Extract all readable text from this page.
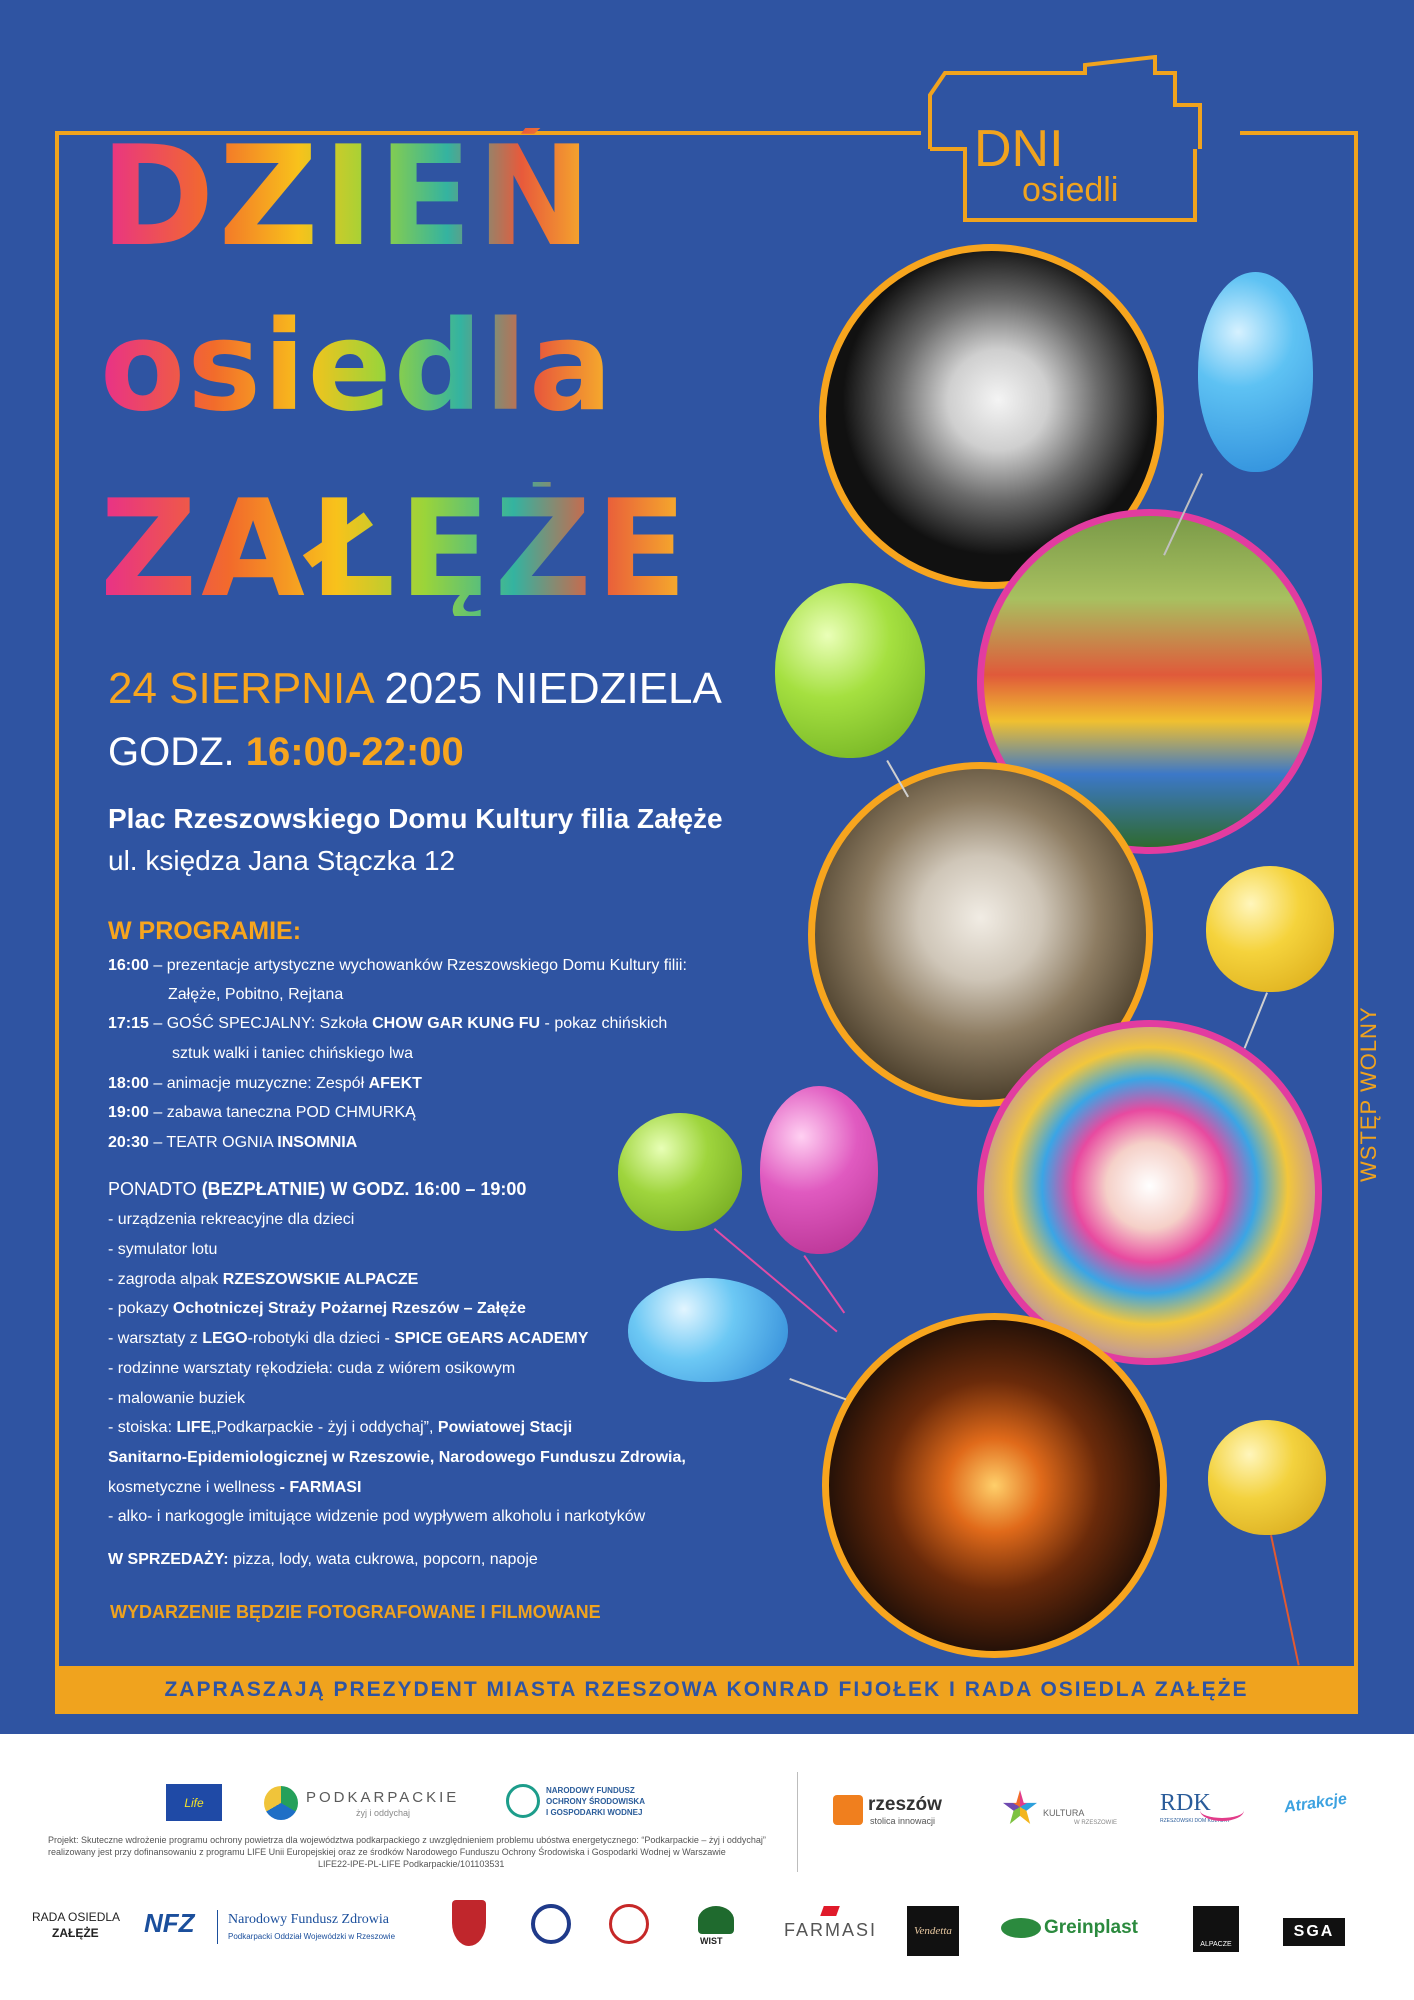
DNI
osiedli
DZIEŃ
osiedla
ZAŁĘŻE
24 SIERPNIA 2025 NIEDZIELA
GODZ. 16:00-22:00
Plac Rzeszowskiego Domu Kultury filia Załęże
ul. księdza Jana Stączka 12
W PROGRAMIE:
16:00 – prezentacje artystyczne wychowanków Rzeszowskiego Domu Kultury filii:
Załęże, Pobitno, Rejtana
17:15 – GOŚĆ SPECJALNY: Szkoła CHOW GAR KUNG FU - pokaz chińskich
sztuk walki i taniec chińskiego lwa
18:00 – animacje muzyczne: Zespół AFEKT
19:00 – zabawa taneczna POD CHMURKĄ
20:30 – TEATR OGNIA INSOMNIA
PONADTO (BEZPŁATNIE) W GODZ. 16:00 – 19:00
- urządzenia rekreacyjne dla dzieci
- symulator lotu
- zagroda alpak RZESZOWSKIE ALPACZE
- pokazy Ochotniczej Straży Pożarnej Rzeszów – Załęże
- warsztaty z LEGO-robotyki dla dzieci - SPICE GEARS ACADEMY
- rodzinne warsztaty rękodzieła: cuda z wiórem osikowym
- malowanie buziek
- stoiska: LIFE„Podkarpackie - żyj i oddychaj”, Powiatowej Stacji
Sanitarno-Epidemiologicznej w Rzeszowie, Narodowego Funduszu Zdrowia,
kosmetyczne i wellness - FARMASI
- alko- i narkogogle imitujące widzenie pod wypływem alkoholu i narkotyków
W SPRZEDAŻY: pizza, lody, wata cukrowa, popcorn, napoje
WYDARZENIE BĘDZIE FOTOGRAFOWANE I FILMOWANE
WSTĘP WOLNY
ZAPRASZAJĄ PREZYDENT MIASTA RZESZOWA KONRAD FIJOŁEK I RADA OSIEDLA ZAŁĘŻE
Life	PODKARPACKIE
żyj i oddychaj
NARODOWY FUNDUSZ
OCHRONY ŚRODOWISKA
I GOSPODARKI WODNEJ	rzeszów
stolica innowacji
KULTURA
W RZESZOWIE
RDK
RZESZOWSKI DOM KULTURY
Atrakcje
Projekt: Skuteczne wdrożenie programu ochrony powietrza dla województwa podkarpackiego z uwzględnieniem problemu ubóstwa energetycznego: “Podkarpackie – żyj i oddychaj”
realizowany jest przy dofinansowaniu z programu LIFE Unii Europejskiej oraz ze środków Narodowego Funduszu Ochrony Środowiska i Gospodarki Wodnej w Warszawie
LIFE22-IPE-PL-LIFE Podkarpackie/101103531
RADA OSIEDLA
ZAŁĘŻE NFZ Narodowy Fundusz Zdrowia
Podkarpacki Oddział Wojewódzki w Rzeszowie	WIST
FARMASI	Vendetta	Greinplast
ALPACZE
SGA
